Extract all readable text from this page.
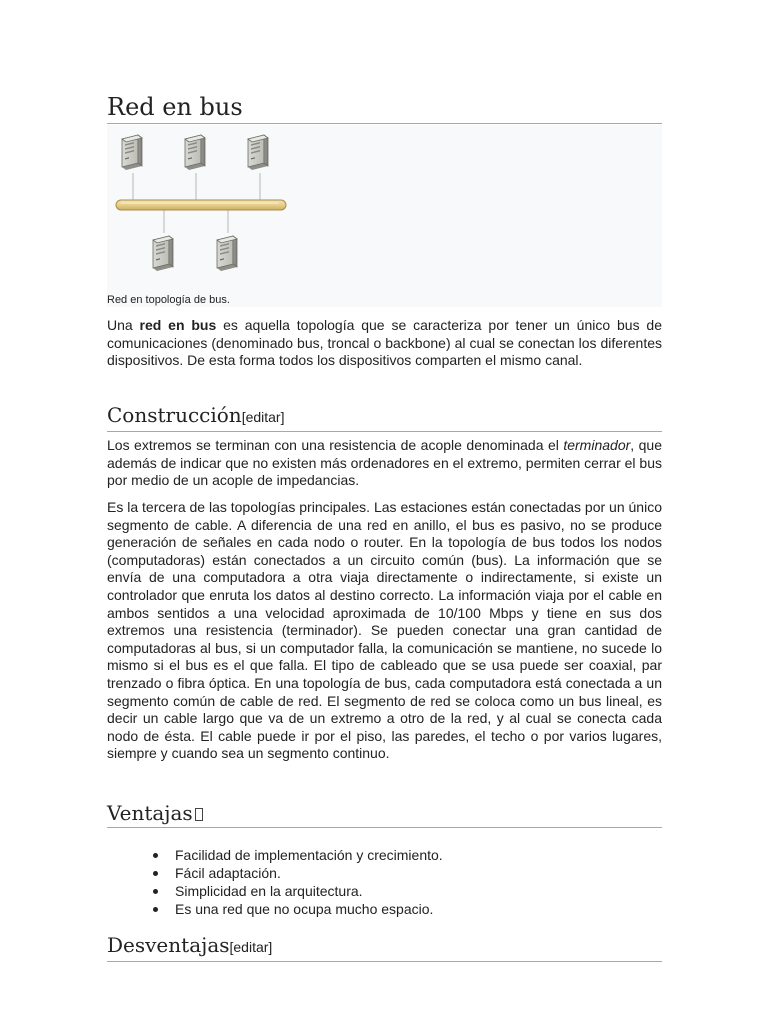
Red en bus
Red en topología de bus.

Una red en bus es aquella topología que se caracteriza por tener un único bus de comunicaciones (denominado bus, troncal o backbone) al cual se conectan los diferentes dispositivos. De esta forma todos los dispositivos comparten el mismo canal.

Construcción[editar]

Los extremos se terminan con una resistencia de acople denominada el terminador, que además de indicar que no existen más ordenadores en el extremo, permiten cerrar el bus por medio de un acople de impedancias.

Es la tercera de las topologías principales. Las estaciones están conectadas por un único segmento de cable. A diferencia de una red en anillo, el bus es pasivo, no se produce generación de señales en cada nodo o router. En la topología de bus todos los nodos (computadoras) están conectados a un circuito común (bus). La información que se envía de una computadora a otra viaja directamente o indirectamente, si existe un controlador que enruta los datos al destino correcto. La información viaja por el cable en ambos sentidos a una velocidad aproximada de 10/100 Mbps y tiene en sus dos extremos una resistencia (terminador). Se pueden conectar una gran cantidad de computadoras al bus, si un computador falla, la comunicación se mantiene, no sucede lo mismo si el bus es el que falla. El tipo de cableado que se usa puede ser coaxial, par trenzado o fibra óptica. En una topología de bus, cada computadora está conectada a un segmento común de cable de red. El segmento de red se coloca como un bus lineal, es decir un cable largo que va de un extremo a otro de la red, y al cual se conecta cada nodo de ésta. El cable puede ir por el piso, las paredes, el techo o por varios lugares, siempre y cuando sea un segmento continuo.

Ventajas
Facilidad de implementación y crecimiento.
Fácil adaptación.
Simplicidad en la arquitectura.
Es una red que no ocupa mucho espacio.
Desventajas[editar]
